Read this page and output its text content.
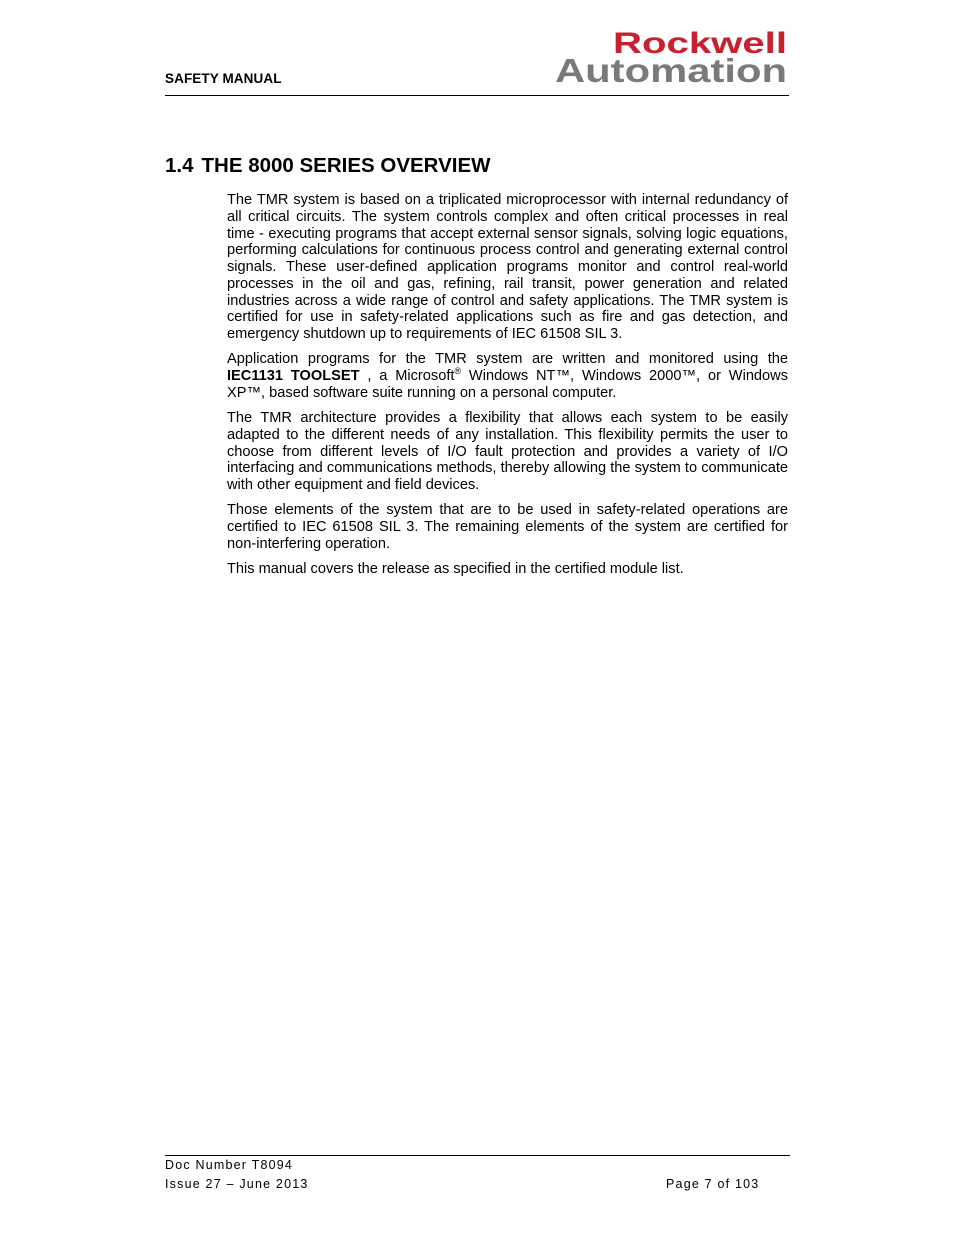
SAFETY MANUAL
Rockwell
Automation
1.4 THE 8000 SERIES OVERVIEW

The TMR system is based on a triplicated microprocessor with internal redundancy of all critical circuits. The system controls complex and often critical processes in real time - executing programs that accept external sensor signals, solving logic equations, performing calculations for continuous process control and generating external control signals. These user-defined application programs monitor and control real-world processes in the oil and gas, refining, rail transit, power generation and related industries across a wide range of control and safety applications. The TMR system is certified for use in safety-related applications such as fire and gas detection, and emergency shutdown up to requirements of IEC 61508 SIL 3.

Application programs for the TMR system are written and monitored using the IEC1131 TOOLSET , a Microsoft® Windows NT™, Windows 2000™, or Windows XP™, based software suite running on a personal computer.

The TMR architecture provides a flexibility that allows each system to be easily adapted to the different needs of any installation. This flexibility permits the user to choose from different levels of I/O fault protection and provides a variety of I/O interfacing and communications methods, thereby allowing the system to communicate with other equipment and field devices.

Those elements of the system that are to be used in safety-related operations are certified to IEC 61508 SIL 3. The remaining elements of the system are certified for non-interfering operation.

This manual covers the release as specified in the certified module list.

Doc Number T8094
Issue 27 – June 2013	Page 7 of 103
